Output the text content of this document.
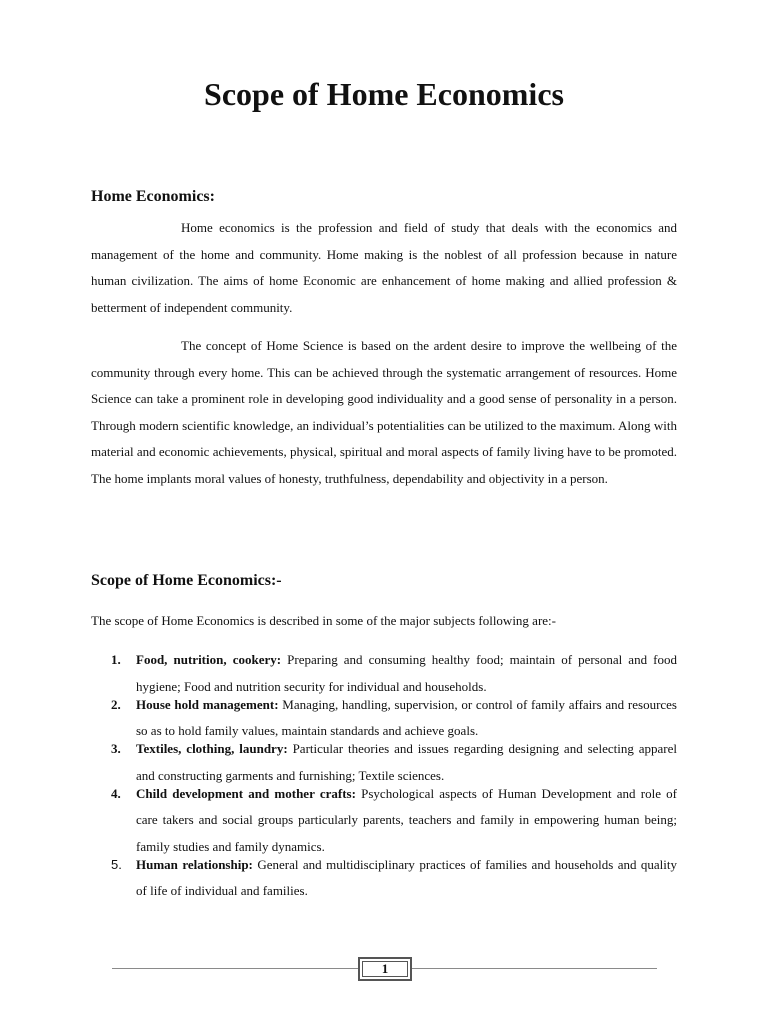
Scope of Home Economics
Home Economics:

Home economics is the profession and field of study that deals with the economics and management of the home and community. Home making is the noblest of all profession because in nature human civilization. The aims of home Economic are enhancement of home making and allied profession & betterment of independent community.

The concept of Home Science is based on the ardent desire to improve the wellbeing of the community through every home. This can be achieved through the systematic arrangement of resources. Home Science can take a prominent role in developing good individuality and a good sense of personality in a person. Through modern scientific knowledge, an individual’s potentialities can be utilized to the maximum. Along with material and economic achievements, physical, spiritual and moral aspects of family living have to be promoted. The home implants moral values of honesty, truthfulness, dependability and objectivity in a person.

Scope of Home Economics:-

The scope of Home Economics is described in some of the major subjects following are:-

1. Food, nutrition, cookery: Preparing and consuming healthy food; maintain of personal and food hygiene; Food and nutrition security for individual and households.
2. House hold management: Managing, handling, supervision, or control of family affairs and resources so as to hold family values, maintain standards and achieve goals.
3. Textiles, clothing, laundry: Particular theories and issues regarding designing and selecting apparel and constructing garments and furnishing; Textile sciences.
4. Child development and mother crafts: Psychological aspects of Human Development and role of care takers and social groups particularly parents, teachers and family in empowering human being; family studies and family dynamics.
5. Human relationship: General and multidisciplinary practices of families and households and quality of life of individual and families.
1
